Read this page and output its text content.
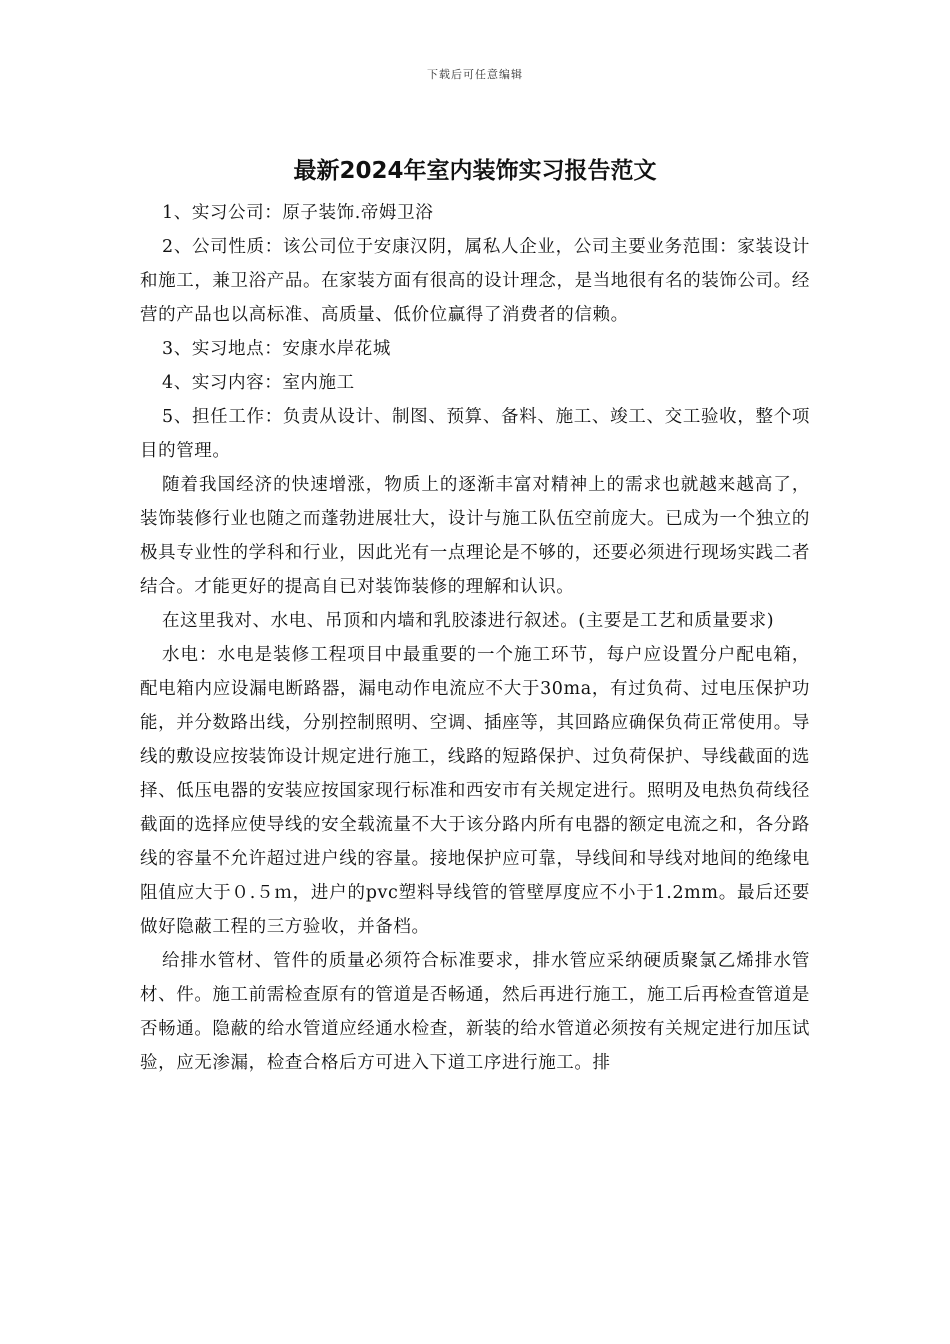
下载后可任意编辑
最新2024年室内装饰实习报告范文

1、实习公司：原子装饰.帝姆卫浴

2、公司性质：该公司位于安康汉阴，属私人企业，公司主要业务范围：家装设计和施工，兼卫浴产品。在家装方面有很高的设计理念，是当地很有名的装饰公司。经营的产品也以高标准、高质量、低价位赢得了消费者的信赖。

3、实习地点：安康水岸花城

4、实习内容：室内施工

5、担任工作：负责从设计、制图、预算、备料、施工、竣工、交工验收，整个项目的管理。

随着我国经济的快速增涨，物质上的逐渐丰富对精神上的需求也就越来越高了，装饰装修行业也随之而蓬勃进展壮大，设计与施工队伍空前庞大。已成为一个独立的极具专业性的学科和行业，因此光有一点理论是不够的，还要必须进行现场实践二者结合。才能更好的提高自已对装饰装修的理解和认识。

在这里我对、水电、吊顶和内墙和乳胶漆进行叙述。(主要是工艺和质量要求)

水电：水电是装修工程项目中最重要的一个施工环节，每户应设置分户配电箱，配电箱内应设漏电断路器，漏电动作电流应不大于30ma，有过负荷、过电压保护功能，并分数路出线，分别控制照明、空调、插座等，其回路应确保负荷正常使用。导线的敷设应按装饰设计规定进行施工，线路的短路保护、过负荷保护、导线截面的选择、低压电器的安装应按国家现行标准和西安市有关规定进行。照明及电热负荷线径截面的选择应使导线的安全载流量不大于该分路内所有电器的额定电流之和，各分路线的容量不允许超过进户线的容量。接地保护应可靠，导线间和导线对地间的绝缘电阻值应大于０.５ｍ，进户的pvc塑料导线管的管壁厚度应不小于1.2mm。最后还要做好隐蔽工程的三方验收，并备档。

给排水管材、管件的质量必须符合标准要求，排水管应采纳硬质聚氯乙烯排水管材、件。施工前需检查原有的管道是否畅通，然后再进行施工，施工后再检查管道是否畅通。隐蔽的给水管道应经通水检查，新装的给水管道必须按有关规定进行加压试验，应无渗漏，检查合格后方可进入下道工序进行施工。排
